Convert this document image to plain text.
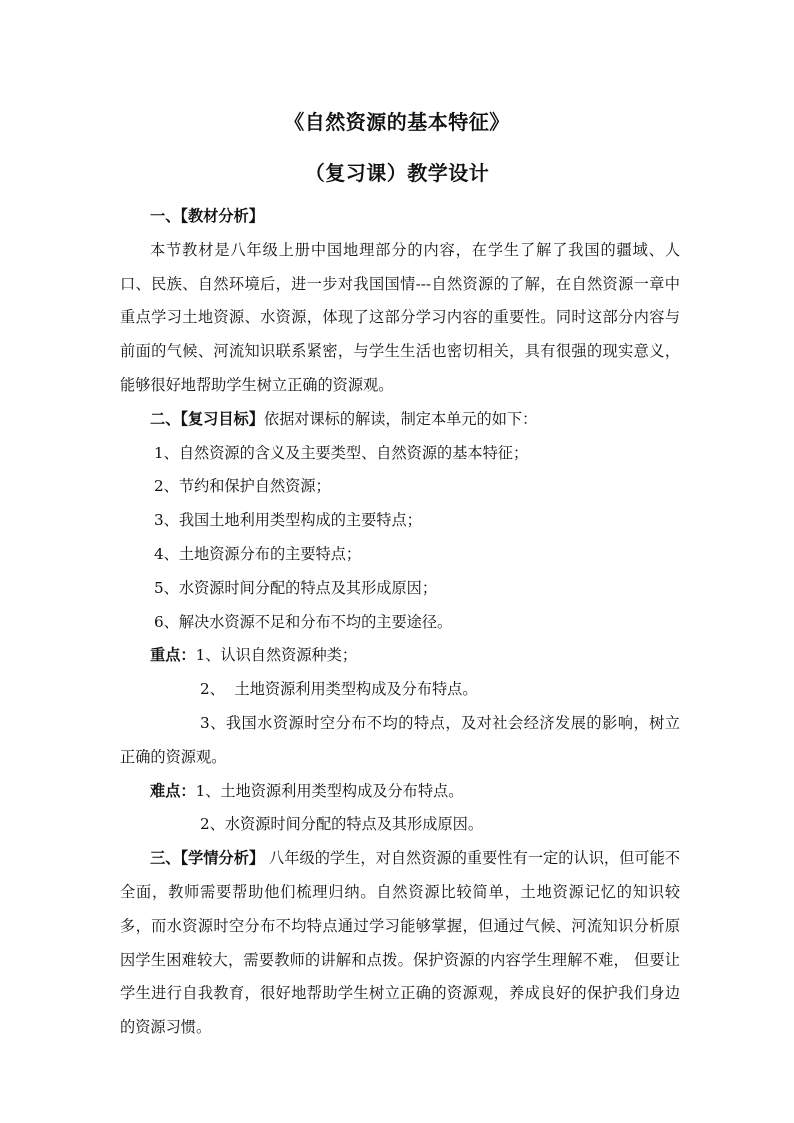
《自然资源的基本特征》
（复习课）教学设计

一、【教材分析】

本节教材是八年级上册中国地理部分的内容，在学生了解了我国的疆域、人口、民族、自然环境后，进一步对我国国情---自然资源的了解，在自然资源一章中重点学习土地资源、水资源，体现了这部分学习内容的重要性。同时这部分内容与前面的气候、河流知识联系紧密，与学生生活也密切相关，具有很强的现实意义，能够很好地帮助学生树立正确的资源观。

二、【复习目标】依据对课标的解读，制定本单元的如下：

1、自然资源的含义及主要类型、自然资源的基本特征；

2、节约和保护自然资源；

3、我国土地利用类型构成的主要特点；

4、土地资源分布的主要特点；

5、水资源时间分配的特点及其形成原因；

6、解决水资源不足和分布不均的主要途径。

重点：1、认识自然资源种类；

2、  土地资源利用类型构成及分布特点。

3、我国水资源时空分布不均的特点，及对社会经济发展的影响，树立正确的资源观。

难点：1、土地资源利用类型构成及分布特点。

2、水资源时间分配的特点及其形成原因。

三、【学情分析】 八年级的学生，对自然资源的重要性有一定的认识，但可能不全面，教师需要帮助他们梳理归纳。自然资源比较简单，土地资源记忆的知识较多，而水资源时空分布不均特点通过学习能够掌握，但通过气候、河流知识分析原因学生困难较大，需要教师的讲解和点拨。保护资源的内容学生理解不难， 但要让学生进行自我教育，很好地帮助学生树立正确的资源观，养成良好的保护我们身边的资源习惯。
